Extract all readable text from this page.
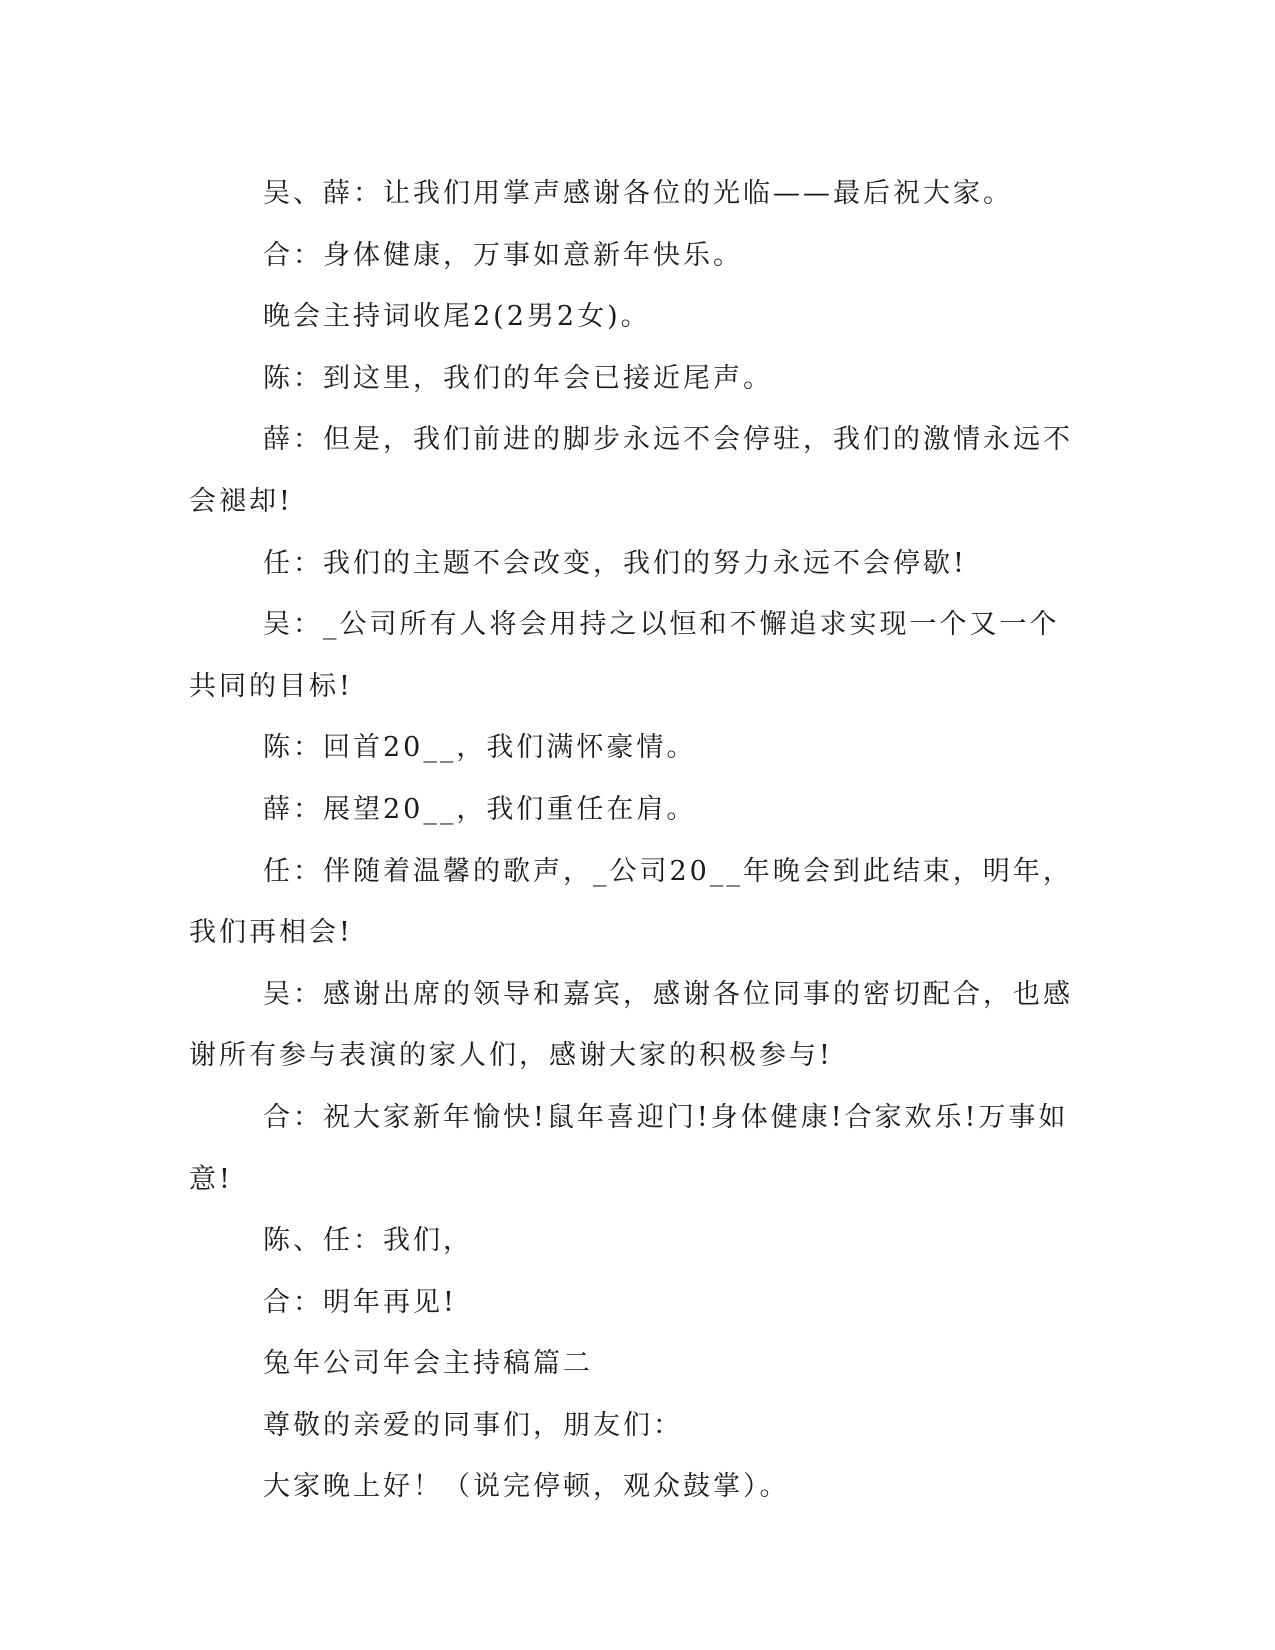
吴、薛：让我们用掌声感谢各位的光临——最后祝大家。

合：身体健康，万事如意新年快乐。

晚会主持词收尾2(2男2女)。

陈：到这里，我们的年会已接近尾声。

薛：但是，我们前进的脚步永远不会停驻，我们的激情永远不会褪却!

任：我们的主题不会改变，我们的努力永远不会停歇!

吴：_公司所有人将会用持之以恒和不懈追求实现一个又一个共同的目标!

陈：回首20__，我们满怀豪情。

薛：展望20__，我们重任在肩。

任：伴随着温馨的歌声，_公司20__年晚会到此结束，明年，我们再相会!

吴：感谢出席的领导和嘉宾，感谢各位同事的密切配合，也感谢所有参与表演的家人们，感谢大家的积极参与!

合：祝大家新年愉快!鼠年喜迎门!身体健康!合家欢乐!万事如意!

陈、任：我们，

合：明年再见!

兔年公司年会主持稿篇二

尊敬的亲爱的同事们，朋友们：

大家晚上好！（说完停顿，观众鼓掌）。
